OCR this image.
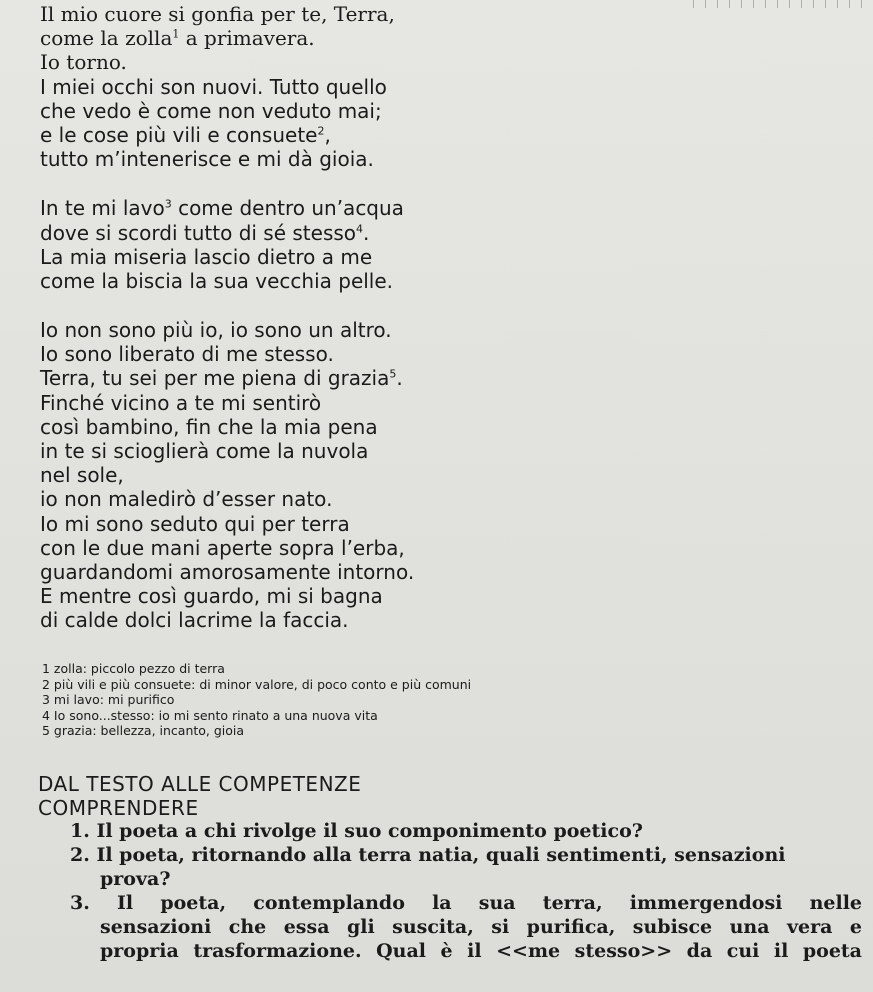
Il mio cuore si gonfia per te, Terra,
come la zolla$^1$ a primavera.
Io torno.
I miei occhi son nuovi. Tutto quello
che vedo è come non veduto mai;
e le cose più vili e consuete$^2$,
tutto m’intenerisce e mi dà gioia.
In te mi lavo$^3$ come dentro un’acqua
dove si scordi tutto di sé stesso$^4$.
La mia miseria lascio dietro a me
come la biscia la sua vecchia pelle.
Io non sono più io, io sono un altro.
Io sono liberato di me stesso.
Terra, tu sei per me piena di grazia$^5$.
Finché vicino a te mi sentirò
così bambino, fin che la mia pena
in te si scioglierà come la nuvola
nel sole,
io non maledirò d’esser nato.
Io mi sono seduto qui per terra
con le due mani aperte sopra l’erba,
guardandomi amorosamente intorno.
E mentre così guardo, mi si bagna
di calde dolci lacrime la faccia.
1 zolla: piccolo pezzo di terra
2 più vili e più consuete: di minor valore, di poco conto e più comuni
3 mi lavo: mi purifico
4 Io sono...stesso: io mi sento rinato a una nuova vita
5 grazia: bellezza, incanto, gioia
DAL TESTO ALLE COMPETENZE
COMPRENDERE
1. Il poeta a chi rivolge il suo componimento poetico?
2. Il poeta, ritornando alla terra natia, quali sentimenti, sensazioni
prova?
3. Il poeta, contemplando la sua terra, immergendosi nelle
sensazioni che essa gli suscita, si purifica, subisce una vera e
propria trasformazione. Qual è il <<me stesso>> da cui il poeta
